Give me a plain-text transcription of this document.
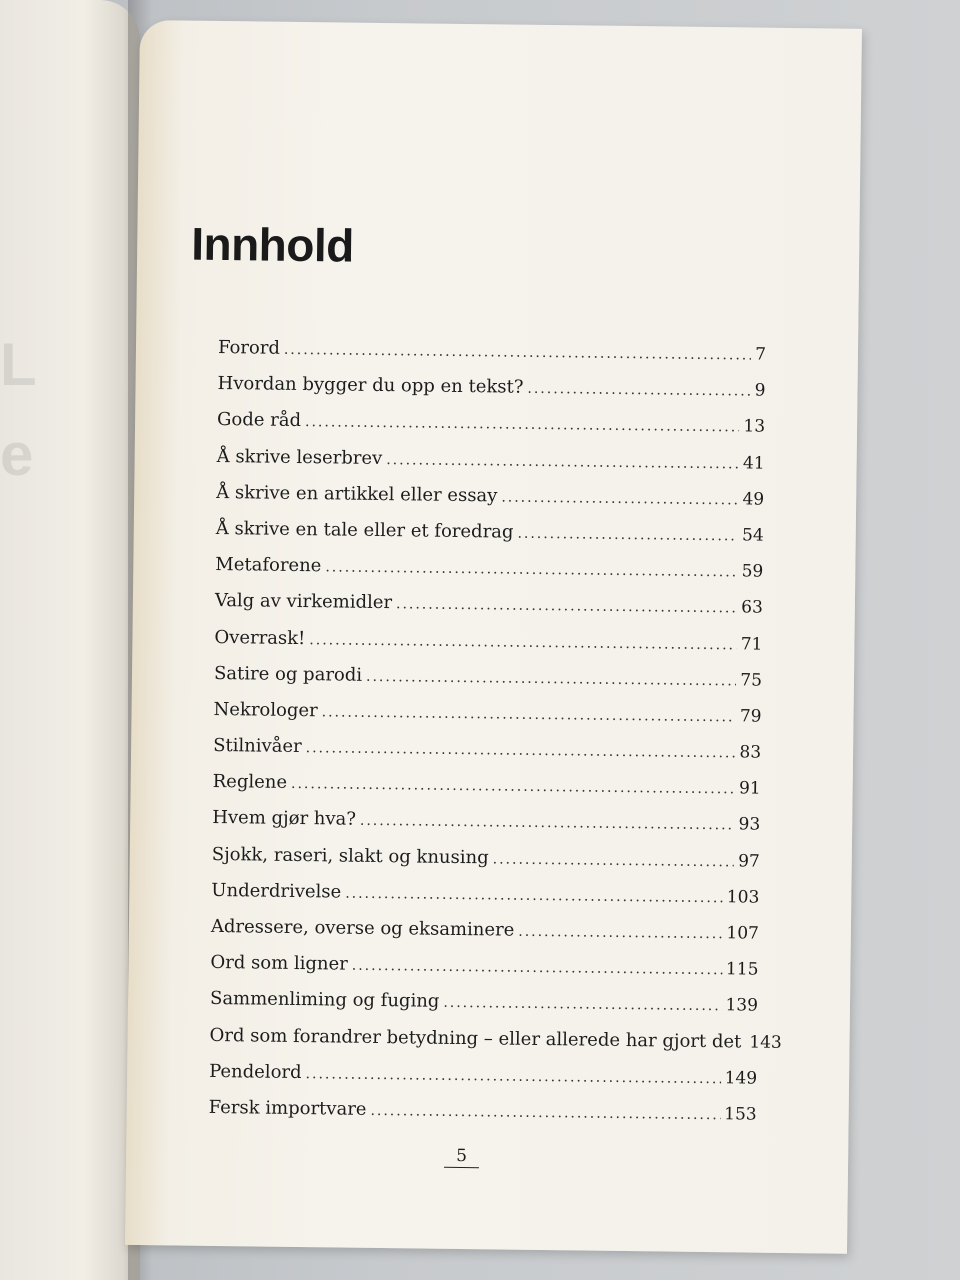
L
e
Innhold
Forord .....	7
Hvordan bygger du opp en tekst? .....	9
Gode råd .....	13
Å skrive leserbrev .....	41
Å skrive en artikkel eller essay .....	49
Å skrive en tale eller et foredrag .....	54
Metaforene .....	59
Valg av virkemidler .....	63
Overrask! .....	71
Satire og parodi .....	75
Nekrologer .....	79
Stilnivåer .....	83
Reglene .....	91
Hvem gjør hva? .....	93
Sjokk, raseri, slakt og knusing .....	97
Underdrivelse .....	103
Adressere, overse og eksaminere .....	107
Ord som ligner .....	115
Sammenliming og fuging .....	139
Ord som forandrer betydning – eller allerede har gjort det ..... 143
Pendelord .....	149
Fersk importvare .....	153
5
